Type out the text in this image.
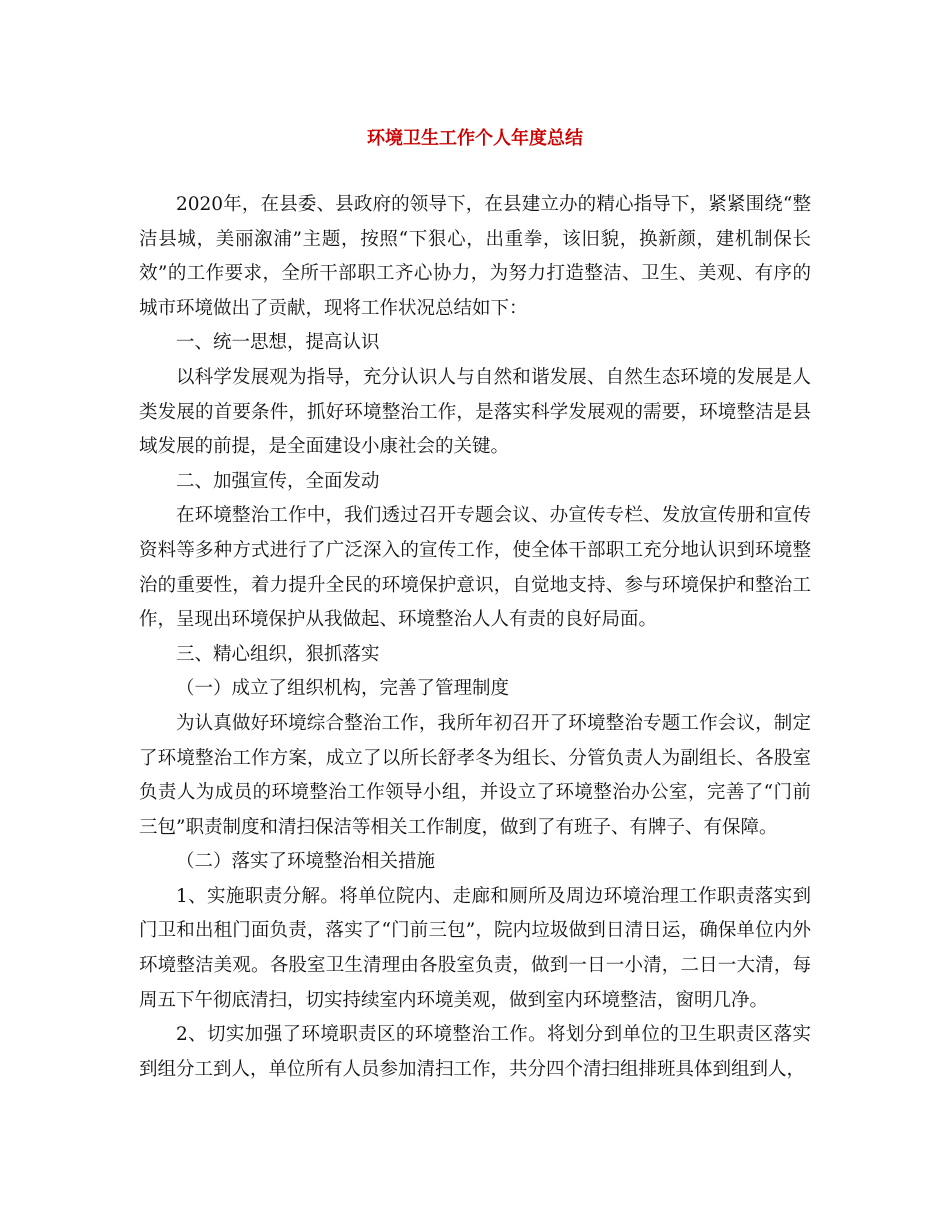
环境卫生工作个人年度总结

2020年，在县委、县政府的领导下，在县建立办的精心指导下，紧紧围绕“整洁县城，美丽溆浦”主题，按照“下狠心，出重拳，该旧貌，换新颜，建机制保长效”的工作要求，全所干部职工齐心协力，为努力打造整洁、卫生、美观、有序的城市环境做出了贡献，现将工作状况总结如下：

一、统一思想，提高认识

以科学发展观为指导，充分认识人与自然和谐发展、自然生态环境的发展是人类发展的首要条件，抓好环境整治工作，是落实科学发展观的需要，环境整洁是县域发展的前提，是全面建设小康社会的关键。

二、加强宣传，全面发动

在环境整治工作中，我们透过召开专题会议、办宣传专栏、发放宣传册和宣传资料等多种方式进行了广泛深入的宣传工作，使全体干部职工充分地认识到环境整治的重要性，着力提升全民的环境保护意识，自觉地支持、参与环境保护和整治工作，呈现出环境保护从我做起、环境整治人人有责的良好局面。

三、精心组织，狠抓落实

（一）成立了组织机构，完善了管理制度

为认真做好环境综合整治工作，我所年初召开了环境整治专题工作会议，制定了环境整治工作方案，成立了以所长舒孝冬为组长、分管负责人为副组长、各股室负责人为成员的环境整治工作领导小组，并设立了环境整治办公室，完善了“门前三包”职责制度和清扫保洁等相关工作制度，做到了有班子、有牌子、有保障。

（二）落实了环境整治相关措施

1、实施职责分解。将单位院内、走廊和厕所及周边环境治理工作职责落实到门卫和出租门面负责，落实了“门前三包”，院内垃圾做到日清日运，确保单位内外环境整洁美观。各股室卫生清理由各股室负责，做到一日一小清，二日一大清，每周五下午彻底清扫，切实持续室内环境美观，做到室内环境整洁，窗明几净。

2、切实加强了环境职责区的环境整治工作。将划分到单位的卫生职责区落实到组分工到人，单位所有人员参加清扫工作，共分四个清扫组排班具体到组到人，
